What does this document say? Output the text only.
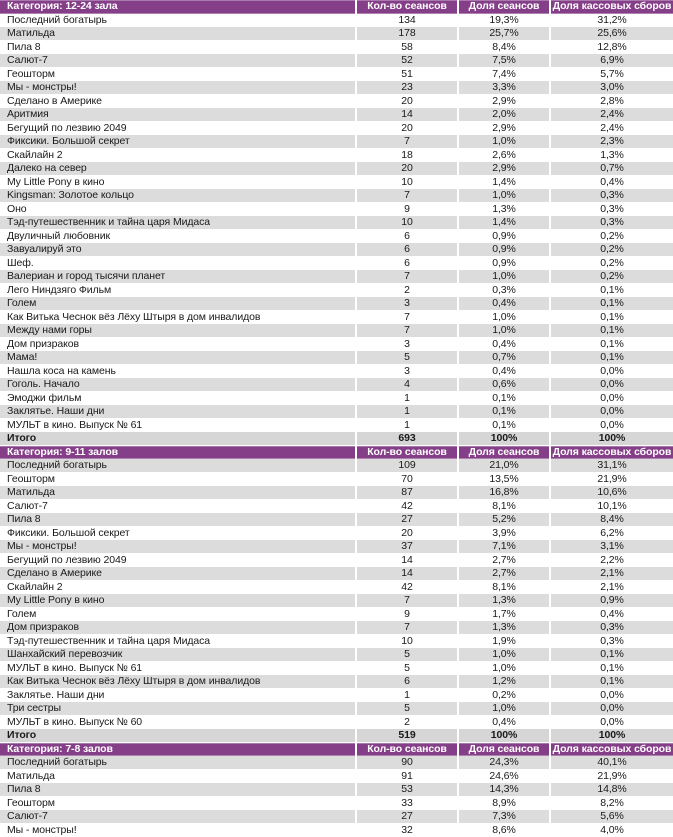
Категория: 12-24 зала	Кол-во сеансов	Доля сеансов	Доля кассовых сборов
Последний богатырь	134	19,3%	31,2%
Матильда	178	25,7%	25,6%
Пила 8	58	8,4%	12,8%
Салют-7	52	7,5%	6,9%
Геошторм	51	7,4%	5,7%
Мы - монстры!	23	3,3%	3,0%
Сделано в Америке	20	2,9%	2,8%
Аритмия	14	2,0%	2,4%
Бегущий по лезвию 2049	20	2,9%	2,4%
Фиксики. Большой секрет	7	1,0%	2,3%
Скайлайн 2	18	2,6%	1,3%
Далеко на север	20	2,9%	0,7%
My Little Pony в кино	10	1,4%	0,4%
Kingsman: Золотое кольцо	7	1,0%	0,3%
Оно	9	1,3%	0,3%
Тэд-путешественник и тайна царя Мидаса	10	1,4%	0,3%
Двуличный любовник	6	0,9%	0,2%
Завуалируй это	6	0,9%	0,2%
Шеф.	6	0,9%	0,2%
Валериан и город тысячи планет	7	1,0%	0,2%
Лего Ниндзяго Фильм	2	0,3%	0,1%
Голем	3	0,4%	0,1%
Как Витька Чеснок вёз Лёху Штыря в дом инвалидов	7	1,0%	0,1%
Между нами горы	7	1,0%	0,1%
Дом призраков	3	0,4%	0,1%
Мама!	5	0,7%	0,1%
Нашла коса на камень	3	0,4%	0,0%
Гоголь. Начало	4	0,6%	0,0%
Эмоджи фильм	1	0,1%	0,0%
Заклятье. Наши дни	1	0,1%	0,0%
МУЛЬТ в кино. Выпуск № 61	1	0,1%	0,0%
Итого	693	100%	100%
Категория: 9-11 залов	Кол-во сеансов	Доля сеансов	Доля кассовых сборов
Последний богатырь	109	21,0%	31,1%
Геошторм	70	13,5%	21,9%
Матильда	87	16,8%	10,6%
Салют-7	42	8,1%	10,1%
Пила 8	27	5,2%	8,4%
Фиксики. Большой секрет	20	3,9%	6,2%
Мы - монстры!	37	7,1%	3,1%
Бегущий по лезвию 2049	14	2,7%	2,2%
Сделано в Америке	14	2,7%	2,1%
Скайлайн 2	42	8,1%	2,1%
My Little Pony в кино	7	1,3%	0,9%
Голем	9	1,7%	0,4%
Дом призраков	7	1,3%	0,3%
Тэд-путешественник и тайна царя Мидаса	10	1,9%	0,3%
Шанхайский перевозчик	5	1,0%	0,1%
МУЛЬТ в кино. Выпуск № 61	5	1,0%	0,1%
Как Витька Чеснок вёз Лёху Штыря в дом инвалидов	6	1,2%	0,1%
Заклятье. Наши дни	1	0,2%	0,0%
Три сестры	5	1,0%	0,0%
МУЛЬТ в кино. Выпуск № 60	2	0,4%	0,0%
Итого	519	100%	100%
Категория: 7-8 залов	Кол-во сеансов	Доля сеансов	Доля кассовых сборов
Последний богатырь	90	24,3%	40,1%
Матильда	91	24,6%	21,9%
Пила 8	53	14,3%	14,8%
Геошторм	33	8,9%	8,2%
Салют-7	27	7,3%	5,6%
Мы - монстры!	32	8,6%	4,0%
